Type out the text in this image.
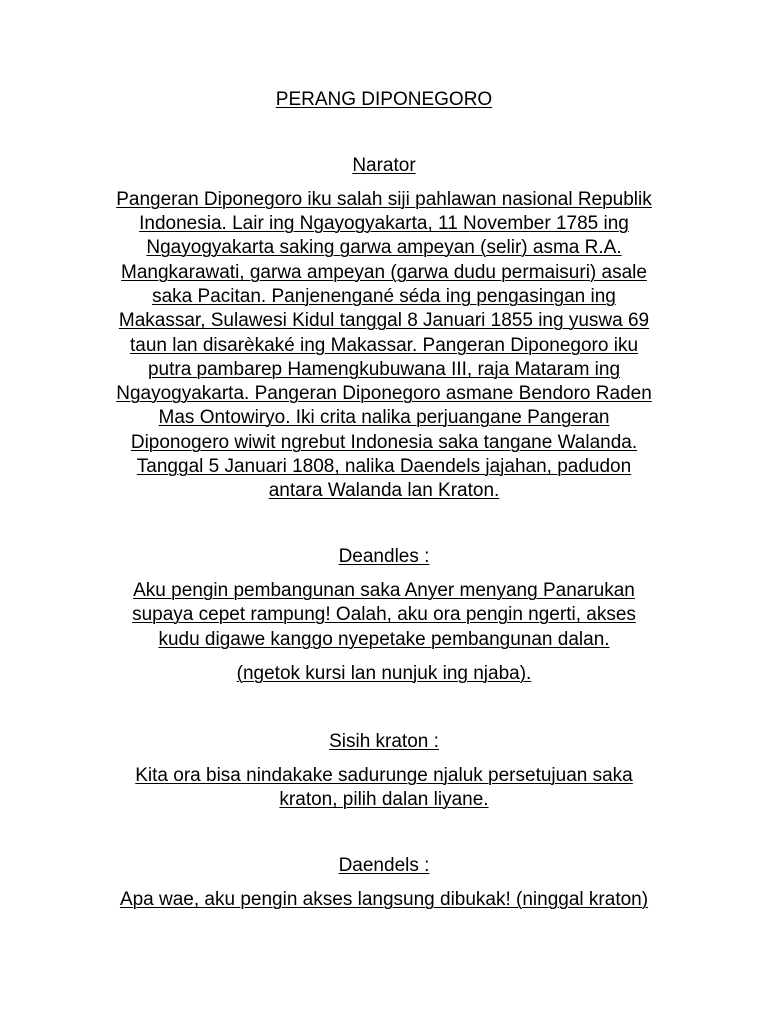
PERANG DIPONEGORO
Narator
Pangeran Diponegoro iku salah siji pahlawan nasional Republik
Indonesia. Lair ing Ngayogyakarta, 11 November 1785 ing
Ngayogyakarta saking garwa ampeyan (selir) asma R.A.
Mangkarawati, garwa ampeyan (garwa dudu permaisuri) asale
saka Pacitan. Panjenengané séda ing pengasingan ing
Makassar, Sulawesi Kidul tanggal 8 Januari 1855 ing yuswa 69
taun lan disarèkaké ing Makassar. Pangeran Diponegoro iku
putra pambarep Hamengkubuwana III, raja Mataram ing
Ngayogyakarta. Pangeran Diponegoro asmane Bendoro Raden
Mas Ontowiryo. Iki crita nalika perjuangane Pangeran
Diponogero wiwit ngrebut Indonesia saka tangane Walanda.
Tanggal 5 Januari 1808, nalika Daendels jajahan, padudon
antara Walanda lan Kraton.
Deandles :
Aku pengin pembangunan saka Anyer menyang Panarukan
supaya cepet rampung! Oalah, aku ora pengin ngerti, akses
kudu digawe kanggo nyepetake pembangunan dalan.
(ngetok kursi lan nunjuk ing njaba).
Sisih kraton :
Kita ora bisa nindakake sadurunge njaluk persetujuan saka
kraton, pilih dalan liyane.
Daendels :
Apa wae, aku pengin akses langsung dibukak! (ninggal kraton)
